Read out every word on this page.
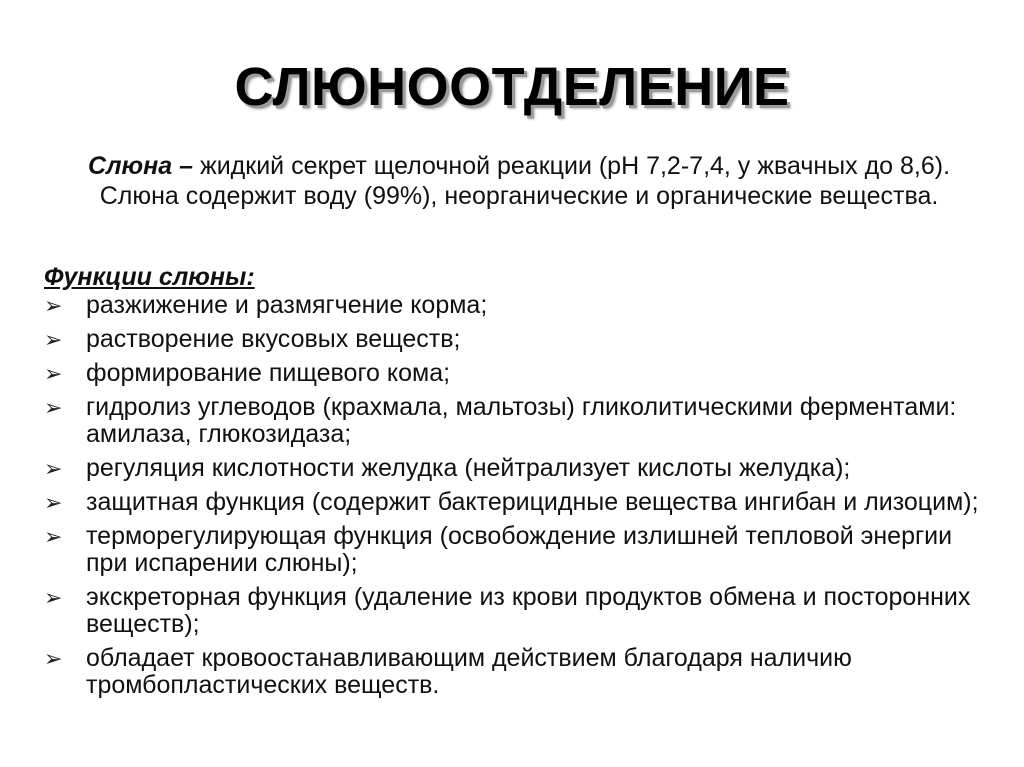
СЛЮНООТДЕЛЕНИЕ
Слюна – жидкий секрет щелочной реакции (рН 7,2-7,4, у жвачных до 8,6). Слюна содержит воду (99%), неорганические и органические вещества.
Функции слюны:
➢ разжижение и размягчение корма;
➢ растворение вкусовых веществ;
➢ формирование пищевого кома;
➢ гидролиз углеводов (крахмала, мальтозы) гликолитическими ферментами: амилаза, глюкозидаза;
➢ регуляция кислотности желудка (нейтрализует кислоты желудка);
➢ защитная функция (содержит бактерицидные вещества ингибан и лизоцим);
➢ терморегулирующая функция (освобождение излишней тепловой энергии при испарении слюны);
➢ экскреторная функция (удаление из крови продуктов обмена и посторонних веществ);
➢ обладает кровоостанавливающим действием благодаря наличию тромбопластических веществ.
